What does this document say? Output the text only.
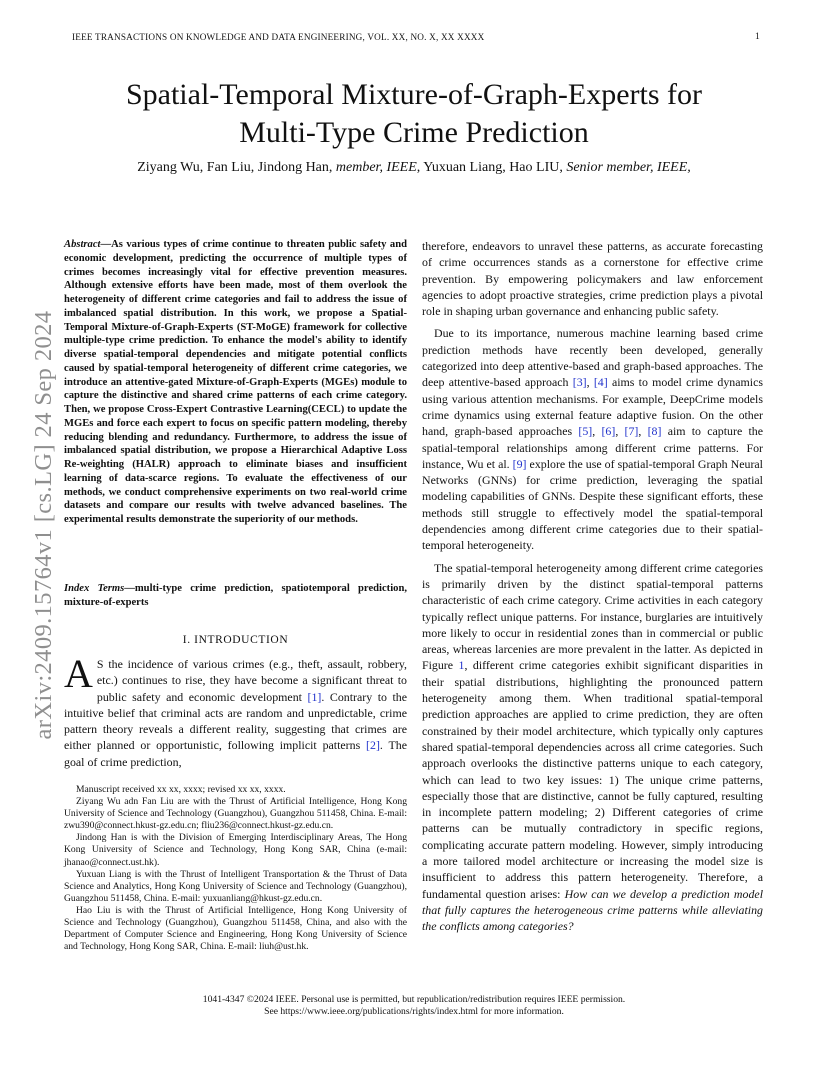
IEEE TRANSACTIONS ON KNOWLEDGE AND DATA ENGINEERING, VOL. XX, NO. X, XX XXXX	1
Spatial-Temporal Mixture-of-Graph-Experts for
Multi-Type Crime Prediction
Ziyang Wu, Fan Liu, Jindong Han, member, IEEE, Yuxuan Liang, Hao LIU, Senior member, IEEE,
arXiv:2409.15764v1 [cs.LG] 24 Sep 2024
Abstract—As various types of crime continue to threaten public safety and economic development, predicting the occurrence of multiple types of crimes becomes increasingly vital for effective prevention measures. Although extensive efforts have been made, most of them overlook the heterogeneity of different crime categories and fail to address the issue of imbalanced spatial distribution. In this work, we propose a Spatial-Temporal Mixture-of-Graph-Experts (ST-MoGE) framework for collective multiple-type crime prediction. To enhance the model's ability to identify diverse spatial-temporal dependencies and mitigate potential conflicts caused by spatial-temporal heterogeneity of different crime categories, we introduce an attentive-gated Mixture-of-Graph-Experts (MGEs) module to capture the distinctive and shared crime patterns of each crime category. Then, we propose Cross-Expert Contrastive Learning(CECL) to update the MGEs and force each expert to focus on specific pattern modeling, thereby reducing blending and redundancy. Furthermore, to address the issue of imbalanced spatial distribution, we propose a Hierarchical Adaptive Loss Re-weighting (HALR) approach to eliminate biases and insufficient learning of data-scarce regions. To evaluate the effectiveness of our methods, we conduct comprehensive experiments on two real-world crime datasets and compare our results with twelve advanced baselines. The experimental results demonstrate the superiority of our methods.
Index Terms—multi-type crime prediction, spatiotemporal prediction, mixture-of-experts
I. INTRODUCTION
A S the incidence of various crimes (e.g., theft, assault, robbery, etc.) continues to rise, they have become a significant threat to public safety and economic development [1]. Contrary to the intuitive belief that criminal acts are random and unpredictable, crime pattern theory reveals a different reality, suggesting that crimes are either planned or opportunistic, following implicit patterns [2]. The goal of crime prediction,

Manuscript received xx xx, xxxx; revised xx xx, xxxx.

Ziyang Wu adn Fan Liu are with the Thrust of Artificial Intelligence, Hong Kong University of Science and Technology (Guangzhou), Guangzhou 511458, China. E-mail: zwu390@connect.hkust-gz.edu.cn; fliu236@connect.hkust-gz.edu.cn.

Jindong Han is with the Division of Emerging Interdisciplinary Areas, The Hong Kong University of Science and Technology, Hong Kong SAR, China (e-mail: jhanao@connect.ust.hk).

Yuxuan Liang is with the Thrust of Intelligent Transportation & the Thrust of Data Science and Analytics, Hong Kong University of Science and Technology (Guangzhou), Guangzhou 511458, China. E-mail: yuxuanliang@hkust-gz.edu.cn.

Hao Liu is with the Thrust of Artificial Intelligence, Hong Kong University of Science and Technology (Guangzhou), Guangzhou 511458, China, and also with the Department of Computer Science and Engineering, Hong Kong University of Science and Technology, Hong Kong SAR, China. E-mail: liuh@ust.hk.

therefore, endeavors to unravel these patterns, as accurate forecasting of crime occurrences stands as a cornerstone for effective crime prevention. By empowering policymakers and law enforcement agencies to adopt proactive strategies, crime prediction plays a pivotal role in shaping urban governance and enhancing public safety.

Due to its importance, numerous machine learning based crime prediction methods have recently been developed, generally categorized into deep attentive-based and graph-based approaches. The deep attentive-based approach [3], [4] aims to model crime dynamics using various attention mechanisms. For example, DeepCrime models crime dynamics using external feature adaptive fusion. On the other hand, graph-based approaches [5], [6], [7], [8] aim to capture the spatial-temporal relationships among different crime patterns. For instance, Wu et al. [9] explore the use of spatial-temporal Graph Neural Networks (GNNs) for crime prediction, leveraging the spatial modeling capabilities of GNNs. Despite these significant efforts, these methods still struggle to effectively model the spatial-temporal dependencies among different crime categories due to their spatial-temporal heterogeneity.

The spatial-temporal heterogeneity among different crime categories is primarily driven by the distinct spatial-temporal patterns characteristic of each crime category. Crime activities in each category typically reflect unique patterns. For instance, burglaries are intuitively more likely to occur in residential zones than in commercial or public areas, whereas larcenies are more prevalent in the latter. As depicted in Figure 1, different crime categories exhibit significant disparities in their spatial distributions, highlighting the pronounced pattern heterogeneity among them. When traditional spatial-temporal prediction approaches are applied to crime prediction, they are often constrained by their model architecture, which typically only captures shared spatial-temporal dependencies across all crime categories. Such approach overlooks the distinctive patterns unique to each category, which can lead to two key issues: 1) The unique crime patterns, especially those that are distinctive, cannot be fully captured, resulting in incomplete pattern modeling; 2) Different categories of crime patterns can be mutually contradictory in specific regions, complicating accurate pattern modeling. However, simply introducing a more tailored model architecture or increasing the model size is insufficient to address this pattern heterogeneity. Therefore, a fundamental question arises: How can we develop a prediction model that fully captures the heterogeneous crime patterns while alleviating the conflicts among categories?

1041-4347 ©2024 IEEE. Personal use is permitted, but republication/redistribution requires IEEE permission.
See https://www.ieee.org/publications/rights/index.html for more information.
